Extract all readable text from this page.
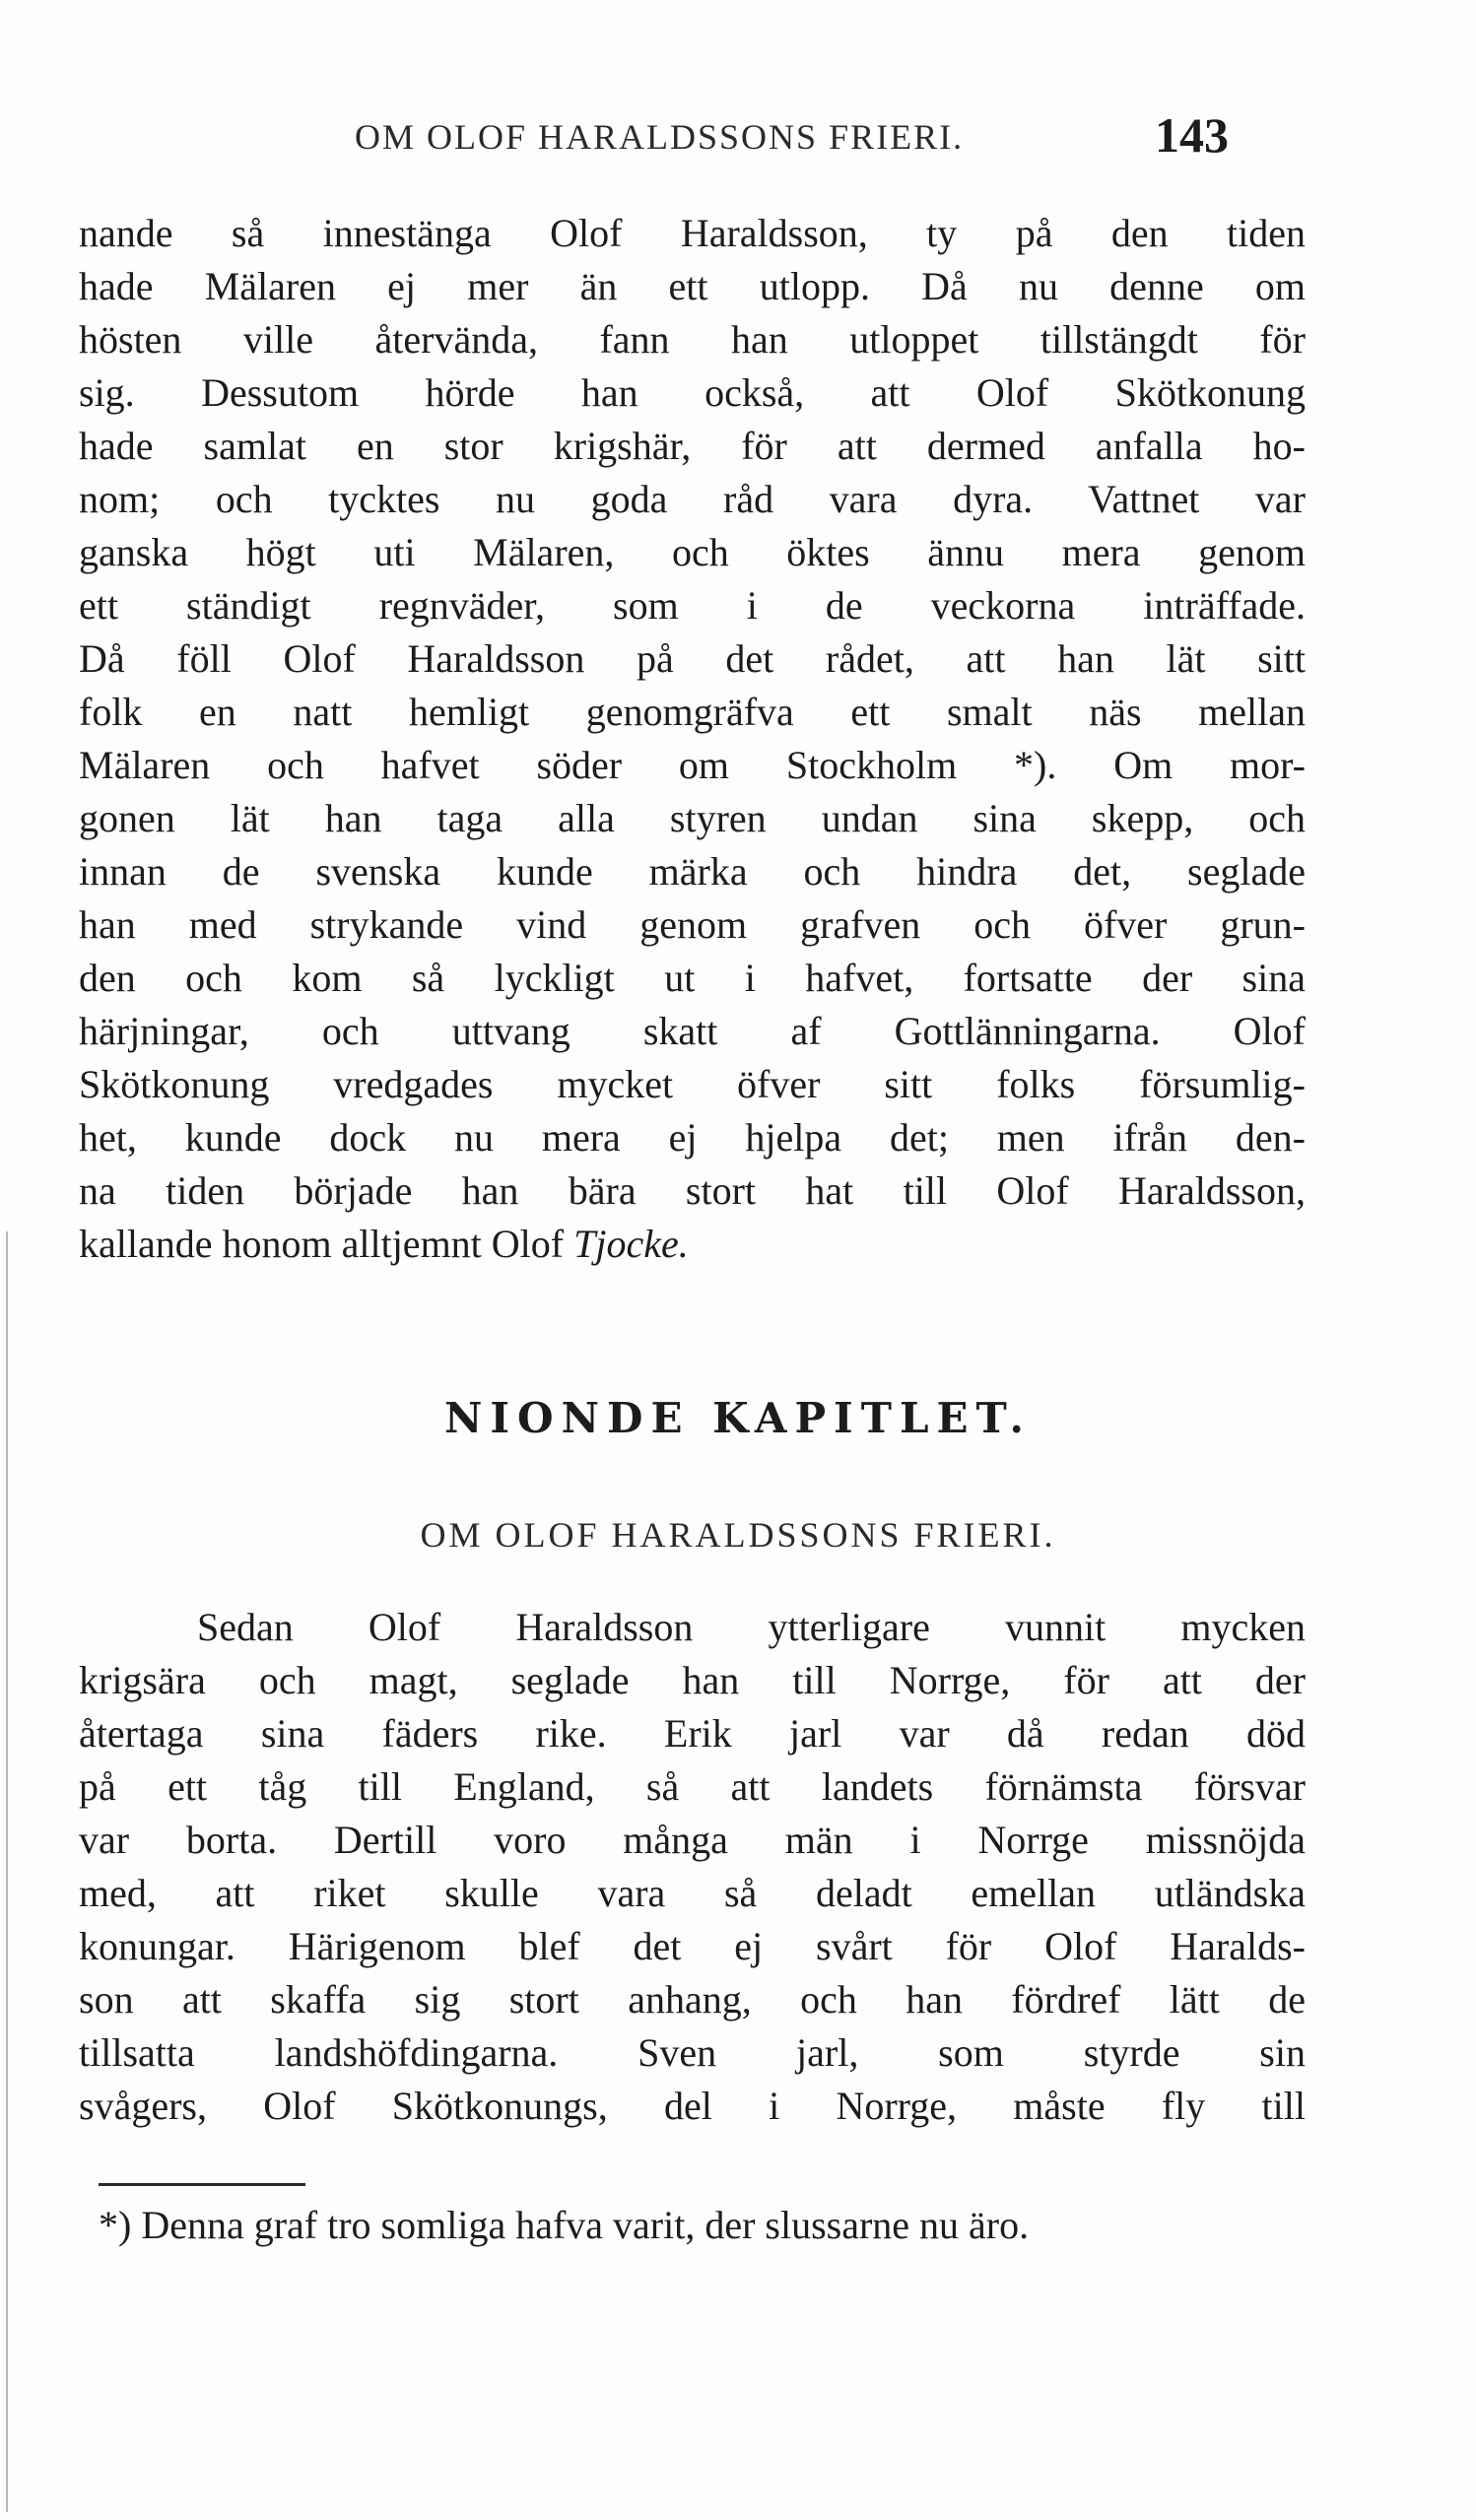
OM OLOF HARALDSSONS FRIERI.	143
nande så innestänga Olof Haraldsson, ty på den tiden
hade Mälaren ej mer än ett utlopp. Då nu denne om
hösten ville återvända, fann han utloppet tillstängdt för
sig. Dessutom hörde han också, att Olof Skötkonung
hade samlat en stor krigshär, för att dermed anfalla ho-
nom; och tycktes nu goda råd vara dyra. Vattnet var
ganska högt uti Mälaren, och öktes ännu mera genom
ett ständigt regnväder, som i de veckorna inträffade.
Då föll Olof Haraldsson på det rådet, att han lät sitt
folk en natt hemligt genomgräfva ett smalt näs mellan
Mälaren och hafvet söder om Stockholm *). Om mor-
gonen lät han taga alla styren undan sina skepp, och
innan de svenska kunde märka och hindra det, seglade
han med strykande vind genom grafven och öfver grun-
den och kom så lyckligt ut i hafvet, fortsatte der sina
härjningar, och uttvang skatt af Gottlänningarna. Olof
Skötkonung vredgades mycket öfver sitt folks försumlig-
het, kunde dock nu mera ej hjelpa det; men ifrån den-
na tiden började han bära stort hat till Olof Haraldsson,
kallande honom alltjemnt Olof Tjocke.
NIONDE KAPITLET.
OM OLOF HARALDSSONS FRIERI.
Sedan Olof Haraldsson ytterligare vunnit mycken
krigsära och magt, seglade han till Norrge, för att der
återtaga sina fäders rike. Erik jarl var då redan död
på ett tåg till England, så att landets förnämsta försvar
var borta. Dertill voro många män i Norrge missnöjda
med, att riket skulle vara så deladt emellan utländska
konungar. Härigenom blef det ej svårt för Olof Haralds-
son att skaffa sig stort anhang, och han fördref lätt de
tillsatta landshöfdingarna. Sven jarl, som styrde sin
svågers, Olof Skötkonungs, del i Norrge, måste fly till
*) Denna graf tro somliga hafva varit, der slussarne nu äro.
